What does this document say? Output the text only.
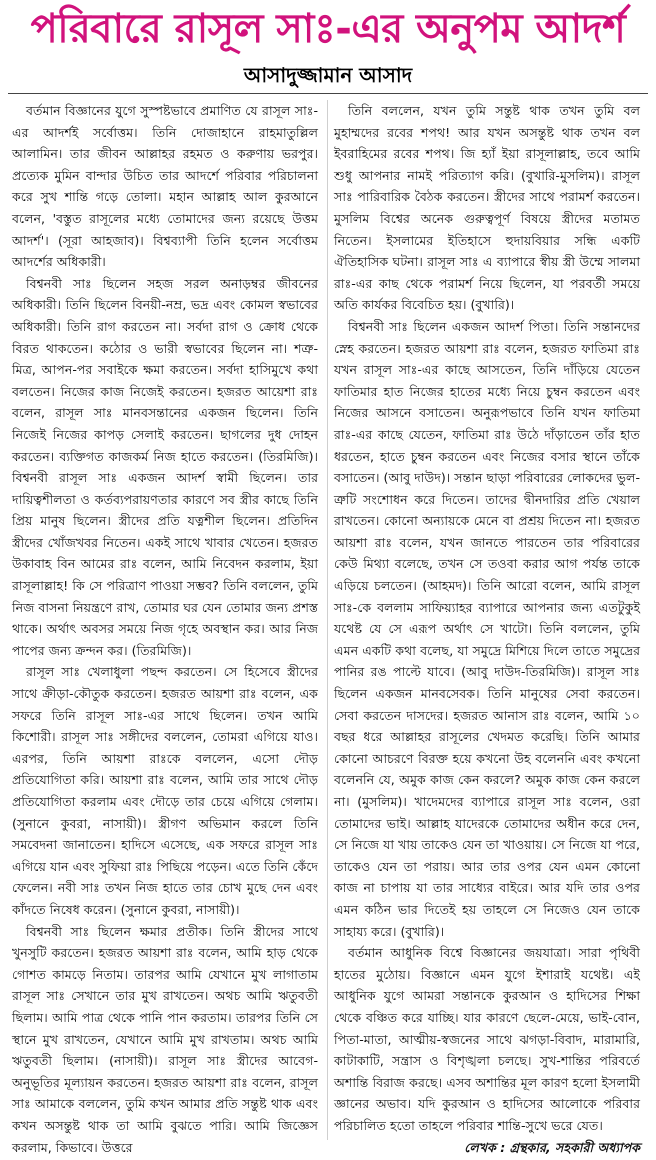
পরিবারে রাসূল সাঃ-এর অনুপম আদর্শ
আসাদুজ্জামান আসাদ

বর্তমান বিজ্ঞানের যুগে সুস্পষ্টভাবে প্রমাণিত যে রাসূল সাঃ-এর আদর্শই সর্বোত্তম। তিনি দোজাহানে রাহমাতুল্লিল আলামিন। তার জীবন আল্লাহর রহমত ও করুণায় ভরপুর। প্রত্যেক মুমিন বান্দার উচিত তার আদর্শে পরিবার পরিচালনা করে সুখ শান্তি গড়ে তোলা। মহান আল্লাহ আল কুরআনে বলেন, 'বস্তুত রাসূলের মধ্যে তোমাদের জন্য রয়েছে উত্তম আদর্শ'। (সূরা আহজাব)। বিশ্বব্যাপী তিনি হলেন সর্বোত্তম আদর্শের অধিকারী।

বিশ্বনবী সাঃ ছিলেন সহজ সরল অনাড়ম্বর জীবনের অধিকারী। তিনি ছিলেন বিনয়ী-নম্র, ভদ্র এবং কোমল স্বভাবের অধিকারী। তিনি রাগ করতেন না। সর্বদা রাগ ও ক্রোধ থেকে বিরত থাকতেন। কঠোর ও ভারী স্বভাবের ছিলেন না। শত্রু-মিত্র, আপন-পর সবাইকে ক্ষমা করতেন। সর্বদা হাসিমুখে কথা বলতেন। নিজের কাজ নিজেই করতেন। হজরত আয়েশা রাঃ বলেন, রাসূল সাঃ মানবসন্তানের একজন ছিলেন। তিনি নিজেই নিজের কাপড় সেলাই করতেন। ছাগলের দুধ দোহন করতেন। ব্যক্তিগত কাজকর্ম নিজ হাতে করতেন। (তিরমিজি)। বিশ্বনবী রাসূল সাঃ একজন আদর্শ স্বামী ছিলেন। তার দায়িত্বশীলতা ও কর্তব্যপরায়ণতার কারণে সব স্ত্রীর কাছে তিনি প্রিয় মানুষ ছিলেন। স্ত্রীদের প্রতি যত্নশীল ছিলেন। প্রতিদিন স্ত্রীদের খোঁজখবর নিতেন। একই সাথে খাবার খেতেন। হজরত উকাবাহ বিন আমের রাঃ বলেন, আমি নিবেদন করলাম, ইয়া রাসূলাল্লাহ! কি সে পরিত্রাণ পাওয়া সম্ভব? তিনি বললেন, তুমি নিজ বাসনা নিয়ন্ত্রণে রাখ, তোমার ঘর যেন তোমার জন্য প্রশস্ত থাকে। অর্থাৎ অবসর সময়ে নিজ গৃহে অবস্থান কর। আর নিজ পাপের জন্য ক্রন্দন কর। (তিরমিজি)।

রাসূল সাঃ খেলাধুলা পছন্দ করতেন। সে হিসেবে স্ত্রীদের সাথে ক্রীড়া-কৌতুক করতেন। হজরত আয়শা রাঃ বলেন, এক সফরে তিনি রাসূল সাঃ-এর সাথে ছিলেন। তখন আমি কিশোরী। রাসূল সাঃ সঙ্গীদের বললেন, তোমরা এগিয়ে যাও। এরপর, তিনি আয়শা রাঃকে বললেন, এসো দৌড় প্রতিযোগিতা করি। আয়শা রাঃ বলেন, আমি তার সাথে দৌড় প্রতিযোগিতা করলাম এবং দৌড়ে তার চেয়ে এগিয়ে গেলাম। (সুনানে কুবরা, নাসায়ী)। স্ত্রীগণ অভিমান করলে তিনি সমবেদনা জানাতেন। হাদিসে এসেছে, এক সফরে রাসূল সাঃ এগিয়ে যান এবং সুফিয়া রাঃ পিছিয়ে পড়েন। এতে তিনি কেঁদে ফেলেন। নবী সাঃ তখন নিজ হাতে তার চোখ মুছে দেন এবং কাঁদতে নিষেধ করেন। (সুনানে কুবরা, নাসায়ী)।

বিশ্বনবী সাঃ ছিলেন ক্ষমার প্রতীক। তিনি স্ত্রীদের সাথে খুনসুটি করতেন। হজরত আয়শা রাঃ বলেন, আমি হাড় থেকে গোশত কামড়ে নিতাম। তারপর আমি যেখানে মুখ লাগাতাম রাসূল সাঃ সেখানে তার মুখ রাখতেন। অথচ আমি ঋতুবতী ছিলাম। আমি পাত্র থেকে পানি পান করতাম। তারপর তিনি সে স্থানে মুখ রাখতেন, যেখানে আমি মুখ রাখতাম। অথচ আমি ঋতুবতী ছিলাম। (নাসায়ী)। রাসূল সাঃ স্ত্রীদের আবেগ-অনুভূতির মূল্যায়ন করতেন। হজরত আয়শা রাঃ বলেন, রাসূল সাঃ আমাকে বললেন, তুমি কখন আমার প্রতি সন্তুষ্ট থাক এবং কখন অসন্তুষ্ট থাক তা আমি বুঝতে পারি। আমি জিজ্ঞেস করলাম, কিভাবে। উত্তরে

তিনি বললেন, যখন তুমি সন্তুষ্ট থাক তখন তুমি বল মুহাম্মদের রবের শপথ! আর যখন অসন্তুষ্ট থাক তখন বল ইবরাহিমের রবের শপথ। জি হ্যাঁ ইয়া রাসূলাল্লাহ, তবে আমি শুধু আপনার নামই পরিত্যাগ করি। (বুখারি-মুসলিম)। রাসূল সাঃ পারিবারিক বৈঠক করতেন। স্ত্রীদের সাথে পরামর্শ করতেন। মুসলিম বিশ্বের অনেক গুরুত্বপূর্ণ বিষয়ে স্ত্রীদের মতামত নিতেন। ইসলামের ইতিহাসে হুদায়বিয়ার সন্ধি একটি ঐতিহাসিক ঘটনা। রাসূল সাঃ এ ব্যাপারে স্বীয় স্ত্রী উম্মে সালমা রাঃ-এর কাছ থেকে পরামর্শ নিয়ে ছিলেন, যা পরবর্তী সময়ে অতি কার্যকর বিবেচিত হয়। (বুখারি)।

বিশ্বনবী সাঃ ছিলেন একজন আদর্শ পিতা। তিনি সন্তানদের স্নেহ করতেন। হজরত আয়শা রাঃ বলেন, হজরত ফাতিমা রাঃ যখন রাসূল সাঃ-এর কাছে আসতেন, তিনি দাঁড়িয়ে যেতেন ফাতিমার হাত নিজের হাতের মধ্যে নিয়ে চুম্বন করতেন এবং নিজের আসনে বসাতেন। অনুরূপভাবে তিনি যখন ফাতিমা রাঃ-এর কাছে যেতেন, ফাতিমা রাঃ উঠে দাঁড়াতেন তাঁর হাত ধরতেন, হাতে চুম্বন করতেন এবং নিজের বসার স্থানে তাঁকে বসাতেন। (আবু দাউদ)। সন্তান ছাড়া পরিবারের লোকদের ভুল-ত্রুটি সংশোধন করে দিতেন। তাদের দ্বীনদারির প্রতি খেয়াল রাখতেন। কোনো অন্যায়কে মেনে বা প্রশ্রয় দিতেন না। হজরত আয়শা রাঃ বলেন, যখন জানতে পারতেন তার পরিবারের কেউ মিথ্যা বলেছে, তখন সে তওবা করার আগ পর্যন্ত তাকে এড়িয়ে চলতেন। (আহমদ)। তিনি আরো বলেন, আমি রাসূল সাঃ-কে বললাম সাফিয়্যাহর ব্যাপারে আপনার জন্য এতটুকুই যথেষ্ট যে সে এরূপ অর্থাৎ সে খাটো। তিনি বললেন, তুমি এমন একটি কথা বলেছ, যা সমুদ্রে মিশিয়ে দিলে তাতে সমুদ্রের পানির রঙ পাল্টে যাবে। (আবু দাউদ-তিরমিজি)। রাসূল সাঃ ছিলেন একজন মানবসেবক। তিনি মানুষের সেবা করতেন। সেবা করতেন দাসদের। হজরত আনাস রাঃ বলেন, আমি ১০ বছর ধরে আল্লাহর রাসূলের খেদমত করেছি। তিনি আমার কোনো আচরণে বিরক্ত হয়ে কখনো উহ বলেননি এবং কখনো বলেননি যে, অমুক কাজ কেন করলে? অমুক কাজ কেন করলে না। (মুসলিম)। খাদেমদের ব্যাপারে রাসূল সাঃ বলেন, ওরা তোমাদের ভাই। আল্লাহ যাদেরকে তোমাদের অধীন করে দেন, সে নিজে যা খায় তাকেও যেন তা খাওয়ায়। সে নিজে যা পরে, তাকেও যেন তা পরায়। আর তার ওপর যেন এমন কোনো কাজ না চাপায় যা তার সাধ্যের বাইরে। আর যদি তার ওপর এমন কঠিন ভার দিতেই হয় তাহলে সে নিজেও যেন তাকে সাহায্য করে। (বুখারি)।

বর্তমান আধুনিক বিশ্বে বিজ্ঞানের জয়যাত্রা। সারা পৃথিবী হাতের মুঠোয়। বিজ্ঞানে এমন যুগে ইশারাই যথেষ্ট। এই আধুনিক যুগে আমরা সন্তানকে কুরআন ও হাদিসের শিক্ষা থেকে বঞ্চিত করে যাচ্ছি। যার কারণে ছেলে-মেয়ে, ভাই-বোন, পিতা-মাতা, আত্মীয়-স্বজনের সাথে ঝগড়া-বিবাদ, মারামারি, কাটাকাটি, সন্ত্রাস ও বিশৃঙ্খলা চলছে। সুখ-শান্তির পরিবর্তে অশান্তি বিরাজ করছে। এসব অশান্তির মূল কারণ হলো ইসলামী জ্ঞানের অভাব। যদি কুরআন ও হাদিসের আলোকে পরিবার পরিচালিত হতো তাহলে পরিবার শান্তি-সুখে ভরে যেত।

লেখক : গ্রন্থকার, সহকারী অধ্যাপক
